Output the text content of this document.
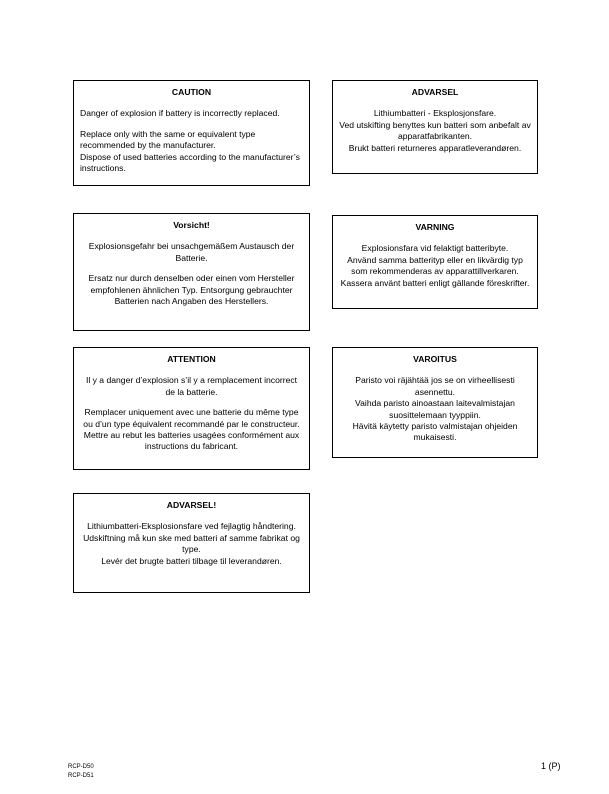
CAUTION

Danger of explosion if battery is incorrectly replaced.

Replace only with the same or equivalent type recommended by the manufacturer.

Dispose of used batteries according to the manufacturer’s instructions.

ADVARSEL

Lithiumbatteri - Eksplosjonsfare.

Ved utskifting benyttes kun batteri som anbefalt av apparatfabrikanten.

Brukt batteri returneres apparatleverandøren.

Vorsicht!

Explosionsgefahr bei unsachgemäßem Austausch der Batterie.

Ersatz nur durch denselben oder einen vom Hersteller empfohlenen ähnlichen Typ. Entsorgung gebrauchter Batterien nach Angaben des Herstellers.

VARNING

Explosionsfara vid felaktigt batteribyte.

Använd samma batterityp eller en likvärdig typ som rekommenderas av apparattillverkaren.

Kassera använt batteri enligt gällande föreskrifter.

ATTENTION

Il y a danger d’explosion s’il y a remplacement incorrect de la batterie.

Remplacer uniquement avec une batterie du même type ou d’un type équivalent recommandé par le constructeur.

Mettre au rebut les batteries usagées conformément aux instructions du fabricant.

VAROITUS

Paristo voi räjähtää jos se on virheellisesti asennettu.

Vaihda paristo ainoastaan laitevalmistajan suosittelemaan tyyppiin.

Hävitä käytetty paristo valmistajan ohjeiden mukaisesti.

ADVARSEL!

Lithiumbatteri-Eksplosionsfare ved fejlagtig håndtering.

Udskiftning må kun ske med batteri af samme fabrikat og type.

Levér det brugte batteri tilbage til leverandøren.

RCP-D50
RCP-D51
1 (P)
